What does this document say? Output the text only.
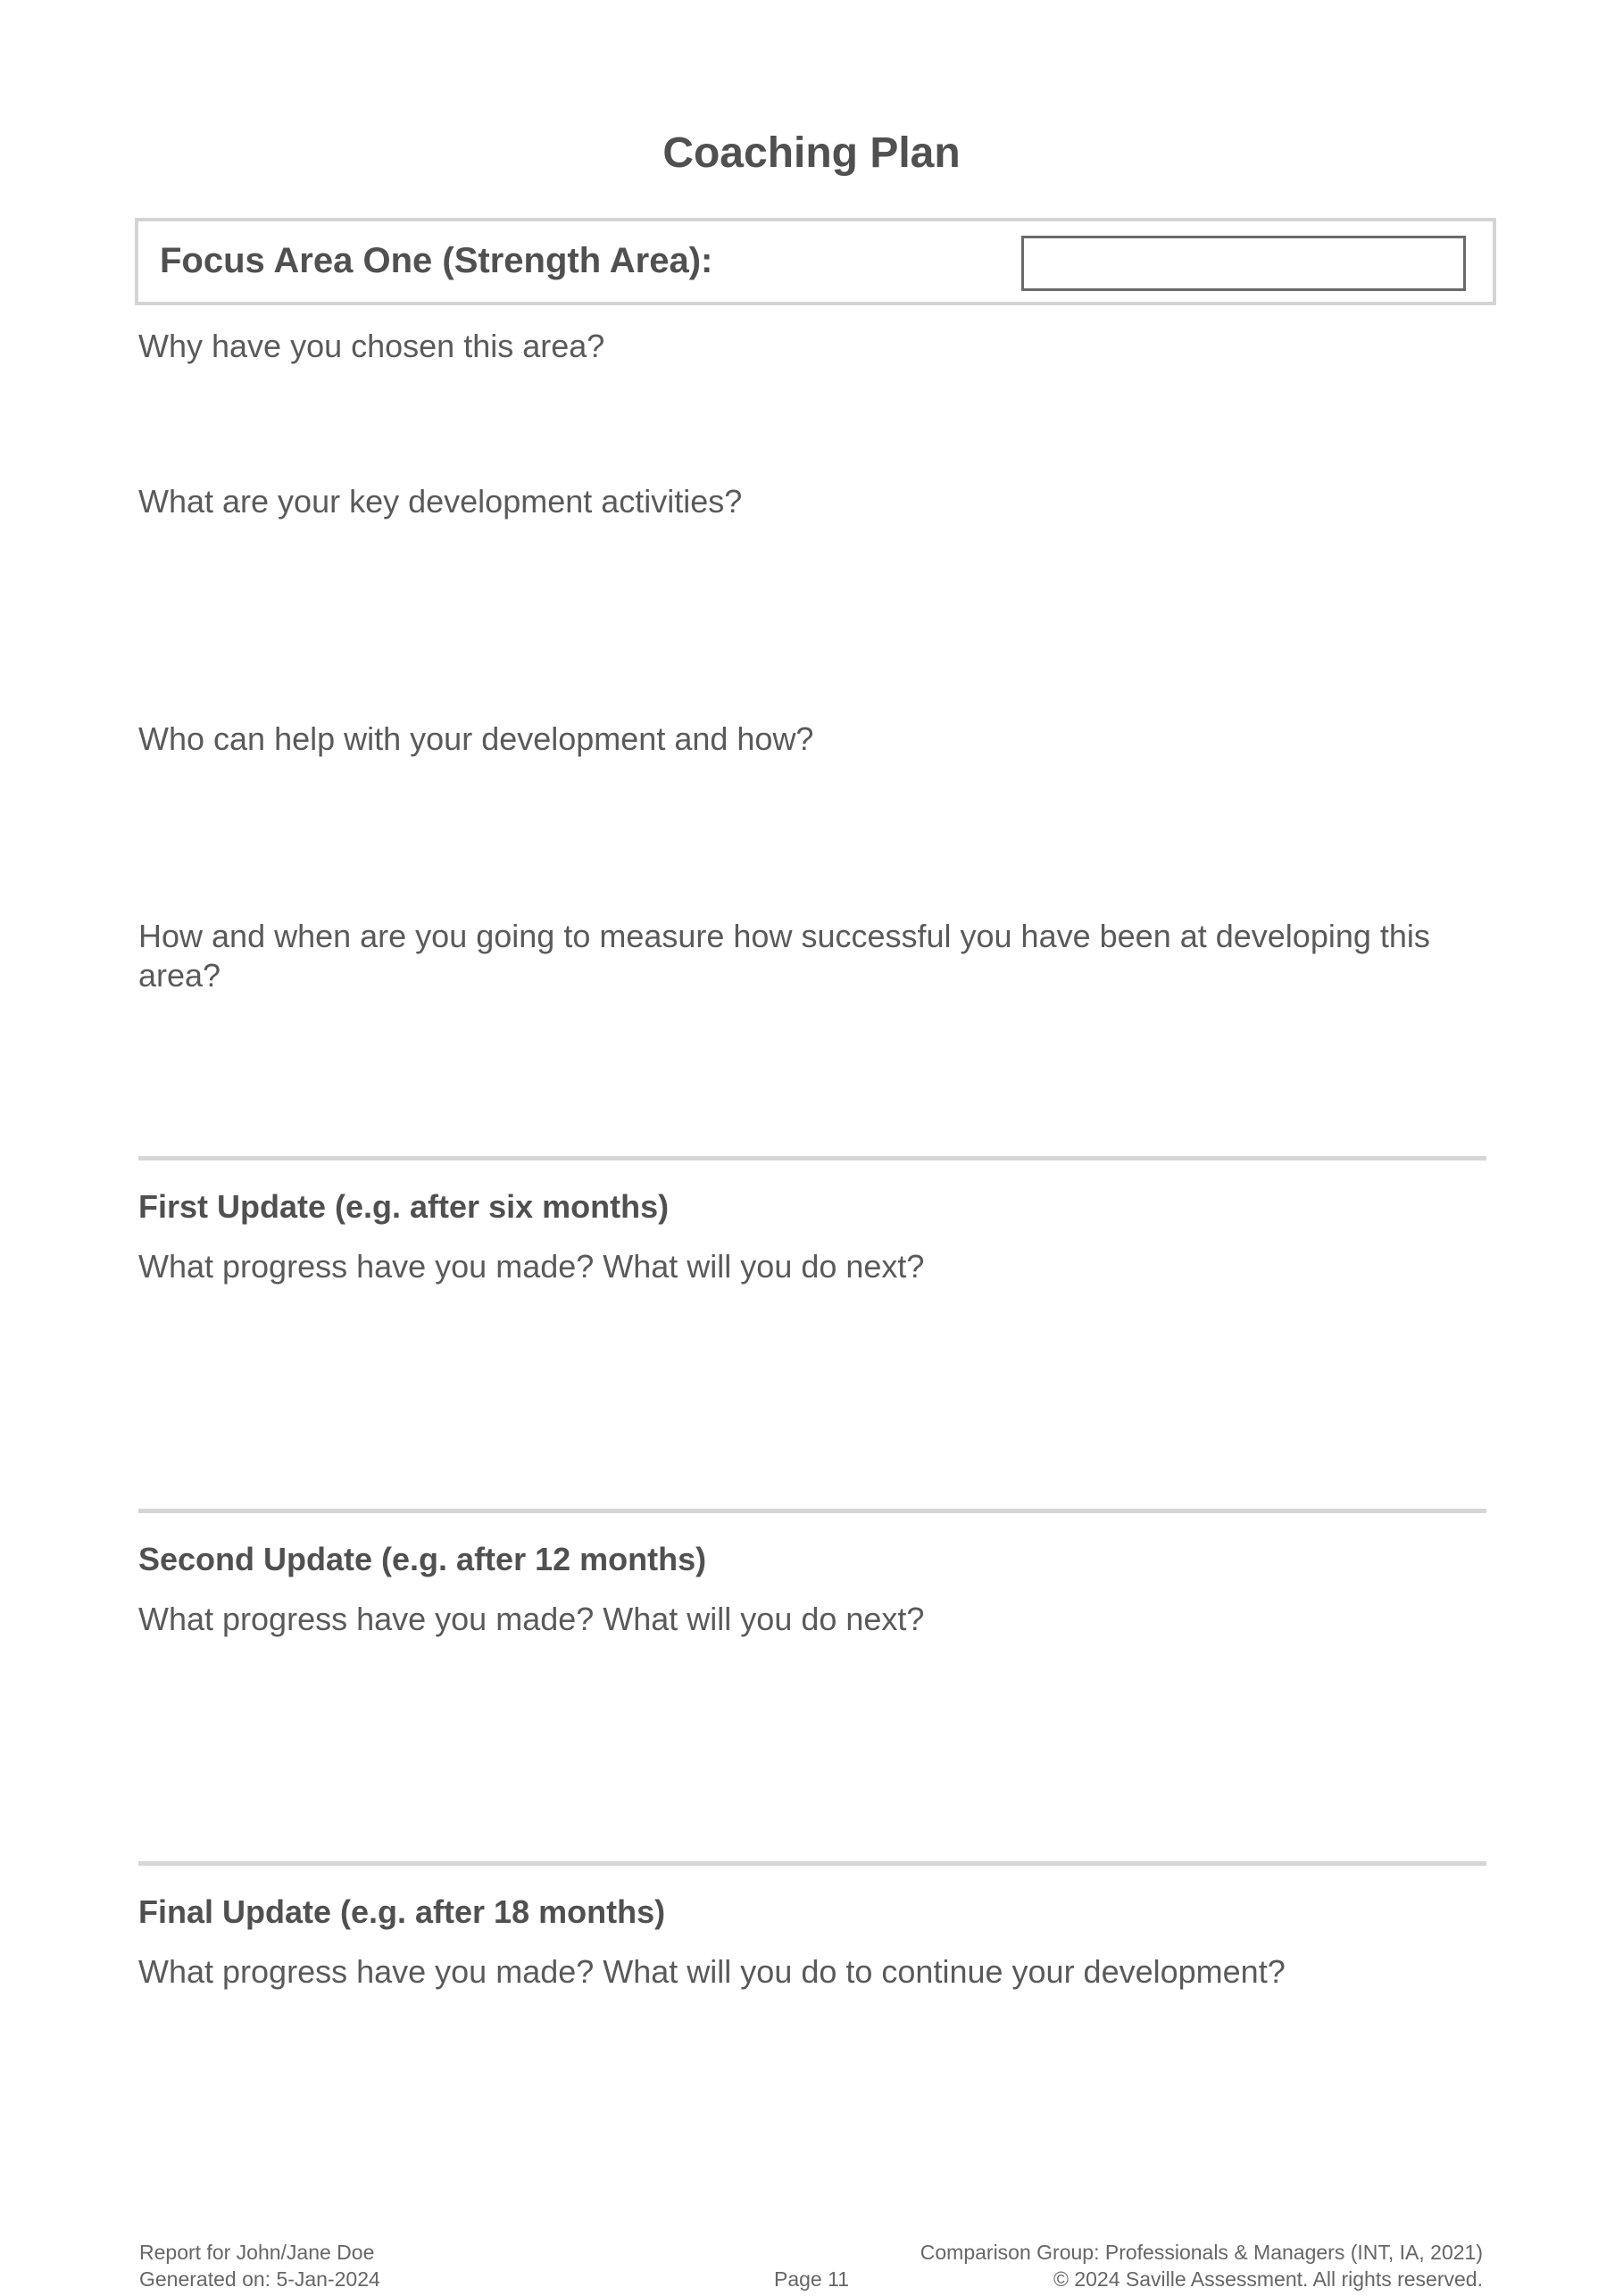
Coaching Plan
Focus Area One (Strength Area):
Why have you chosen this area?
What are your key development activities?
Who can help with your development and how?
How and when are you going to measure how successful you have been at developing this area?
First Update (e.g. after six months)
What progress have you made? What will you do next?
Second Update (e.g. after 12 months)
What progress have you made? What will you do next?
Final Update (e.g. after 18 months)
What progress have you made? What will you do to continue your development?
Report for John/Jane Doe
Generated on: 5-Jan-2024	Page 11
Comparison Group: Professionals & Managers (INT, IA, 2021)
© 2024 Saville Assessment. All rights reserved.
